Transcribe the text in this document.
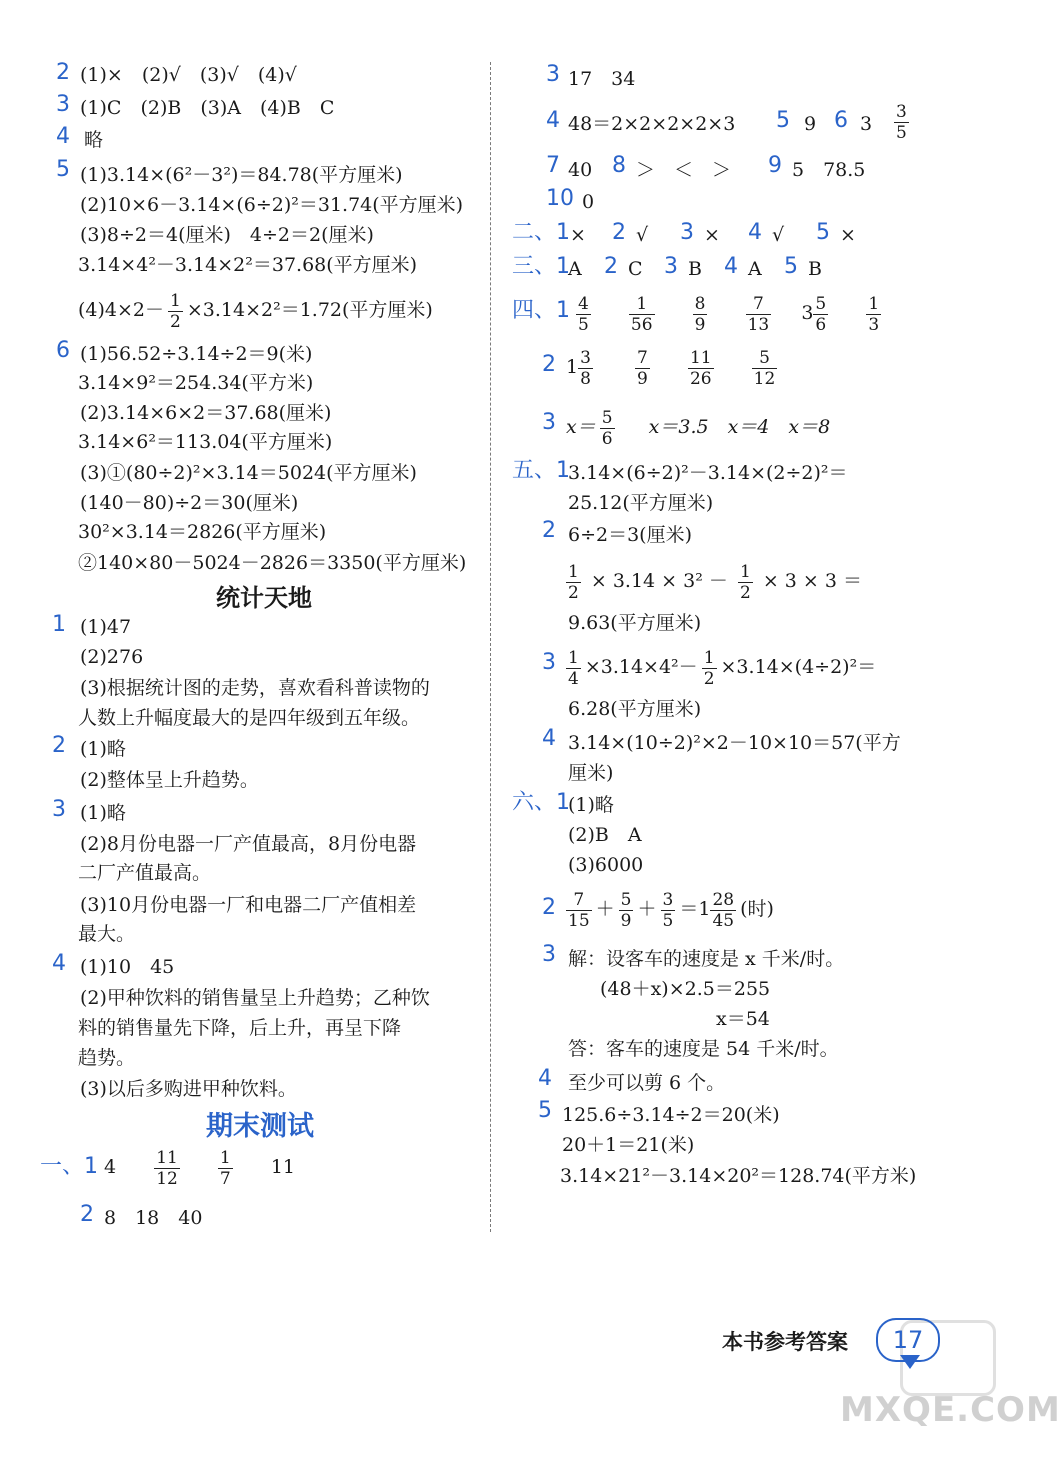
2 (1)×　(2)√　(3)√　(4)√
3 (1)C　(2)B　(3)A　(4)B　C
4 略
5 (1)3.14×(6²－3²)＝84.78(平方厘米)
(2)10×6－3.14×(6÷2)²＝31.74(平方厘米)
(3)8÷2＝4(厘米)　4÷2＝2(厘米)
3.14×4²－3.14×2²＝37.68(平方厘米)
$(4)4\times 2- \frac{1}{2} \times 3.14\times 2^2=1.72$(平方厘米)
6 (1)56.52÷3.14÷2＝9(米)
3.14×9²＝254.34(平方米)
(2)3.14×6×2＝37.68(厘米)
3.14×6²＝113.04(平方厘米)
(3)①(80÷2)²×3.14＝5024(平方厘米)
(140－80)÷2＝30(厘米)
30²×3.14＝2826(平方厘米)
②140×80－5024－2826＝3350(平方厘米)
统计天地
1 (1)47
(2)276
(3)根据统计图的走势，喜欢看科普读物的
人数上升幅度最大的是四年级到五年级。
2 (1)略
(2)整体呈上升趋势。
3 (1)略
(2)8月份电器一厂产值最高，8月份电器
二厂产值最高。
(3)10月份电器一厂和电器二厂产值相差
最大。
4 (1)10　45
(2)甲种饮料的销售量呈上升趋势；乙种饮
料的销售量先下降，后上升，再呈下降
趋势。
(3)以后多购进甲种饮料。
期末测试
一、1 $4 \frac{11}{12}$
$\frac{1}{7} 11$
2 8　18　40
3 17　34
4 48＝2×2×2×2×3 5 9 6 $3 \frac{3}{5}$
7 40 8 ＞　＜　＞ 9 5　78.5
10 0
二、1 × 2 √ 3 × 4 √ 5 ×
三、1
A 2 C 3 B 4 A 5 B
四、$1 \frac{4}{5}$
$\frac{1}{56}$
$\frac{8}{9}$
$\frac{7}{13} 3 \frac{5}{6}$
$\frac{1}{3}$
2 $1 \frac{3}{8}$
$\frac{7}{9}$
$\frac{11}{26}$
$\frac{5}{12}$
3 $x= \frac{5}{6} x=3.5$　x＝4　x＝8
五、1
3.14×(6÷2)²－3.14×(2÷2)²＝
25.12(平方厘米)
2 6÷2＝3(厘米)
$\frac{1}{2} \times 3.14 \times 3^2 - \frac{1}{2} \times 3 \times 3$ ＝
9.63(平方厘米)
$3 \frac{1}{4} \times 3.14\times 4^2- \frac{1}{2} \times 3.14\times(4\div 2)^2=$
6.28(平方厘米)
4 3.14×(10÷2)²×2－10×10＝57(平方
厘米)
六、1
(1)略
(2)B　A
(3)6000
$2 \frac{7}{15} + \frac{5}{9} + \frac{3}{5} =1 \frac{28}{45}$ (时)
3 解：设客车的速度是 x 千米/时。
(48＋x)×2.5＝255
x＝54
答：客车的速度是 54 千米/时。
4 至少可以剪 6 个。
5 125.6÷3.14÷2＝20(米)
20＋1＝21(米)
3.14×21²－3.14×20²＝128.74(平方米)
本书参考答案	17
MXQE.COM
